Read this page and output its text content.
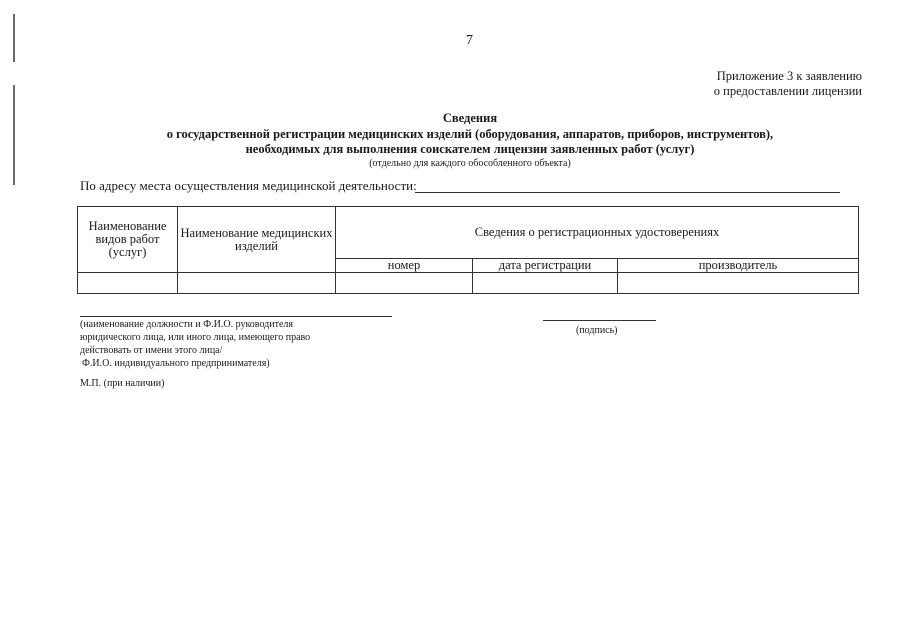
7
Приложение 3 к заявлению
о предоставлении лицензии
Сведения
о государственной регистрации медицинских изделий (оборудования, аппаратов, приборов, инструментов),
необходимых для выполнения соискателем лицензии заявленных работ (услуг)
(отдельно для каждого обособленного объекта)
По адресу места осуществления медицинской деятельности:
Наименование видов работ (услуг)	Наименование медицинских изделий	Сведения о регистрационных удостоверениях		
		номер	дата регистрации	производитель

(наименование должности и Ф.И.О. руководителя
юридического лица, или иного лица, имеющего право
действовать от имени этого лица/
Ф.И.О. индивидуального предпринимателя)
(подпись)
М.П. (при наличии)
